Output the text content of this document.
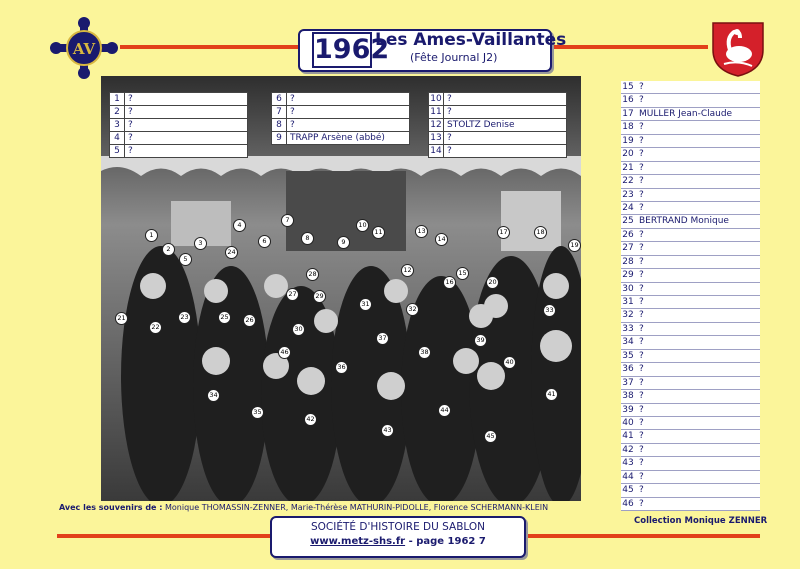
AV	1962
Les Ames-Vaillantes
(Fête Journal J2)
1 ?
2 ?
3 ?
4 ?
5 ?
6 ?
7 ?
8 ?
9 TRAPP Arsène (abbé)
10 ?
11 ?
12 STOLTZ Denise
13 ?
14 ?
1
2
3
4
5
6
7
8	9
10
11
12
13
14
15
16
17	18
19
20
21
22
23
24
25	26
27
28
29
30
31
32	33
34
35
36
37
38
39
40
41
42
43
44
45
46
15 ?
16 ?
17 MULLER Jean-Claude
18 ?
19 ?
20 ?
21 ?
22 ?
23 ?
24 ?
25 BERTRAND Monique
26 ?
27 ?
28 ?
29 ?
30 ?
31 ?
32 ?
33 ?
34 ?
35 ?
36 ?
37 ?
38 ?
39 ?
40 ?
41 ?
42 ?
43 ?
44 ?
45 ?
46 ?
Avec les souvenirs de : Monique THOMASSIN-ZENNER, Marie-Thérèse MATHURIN-PIDOLLE, Florence SCHERMANN-KLEIN
Collection Monique ZENNER
SOCIÉTÉ D'HISTOIRE DU SABLON
www.metz-shs.fr - page 1962 7
